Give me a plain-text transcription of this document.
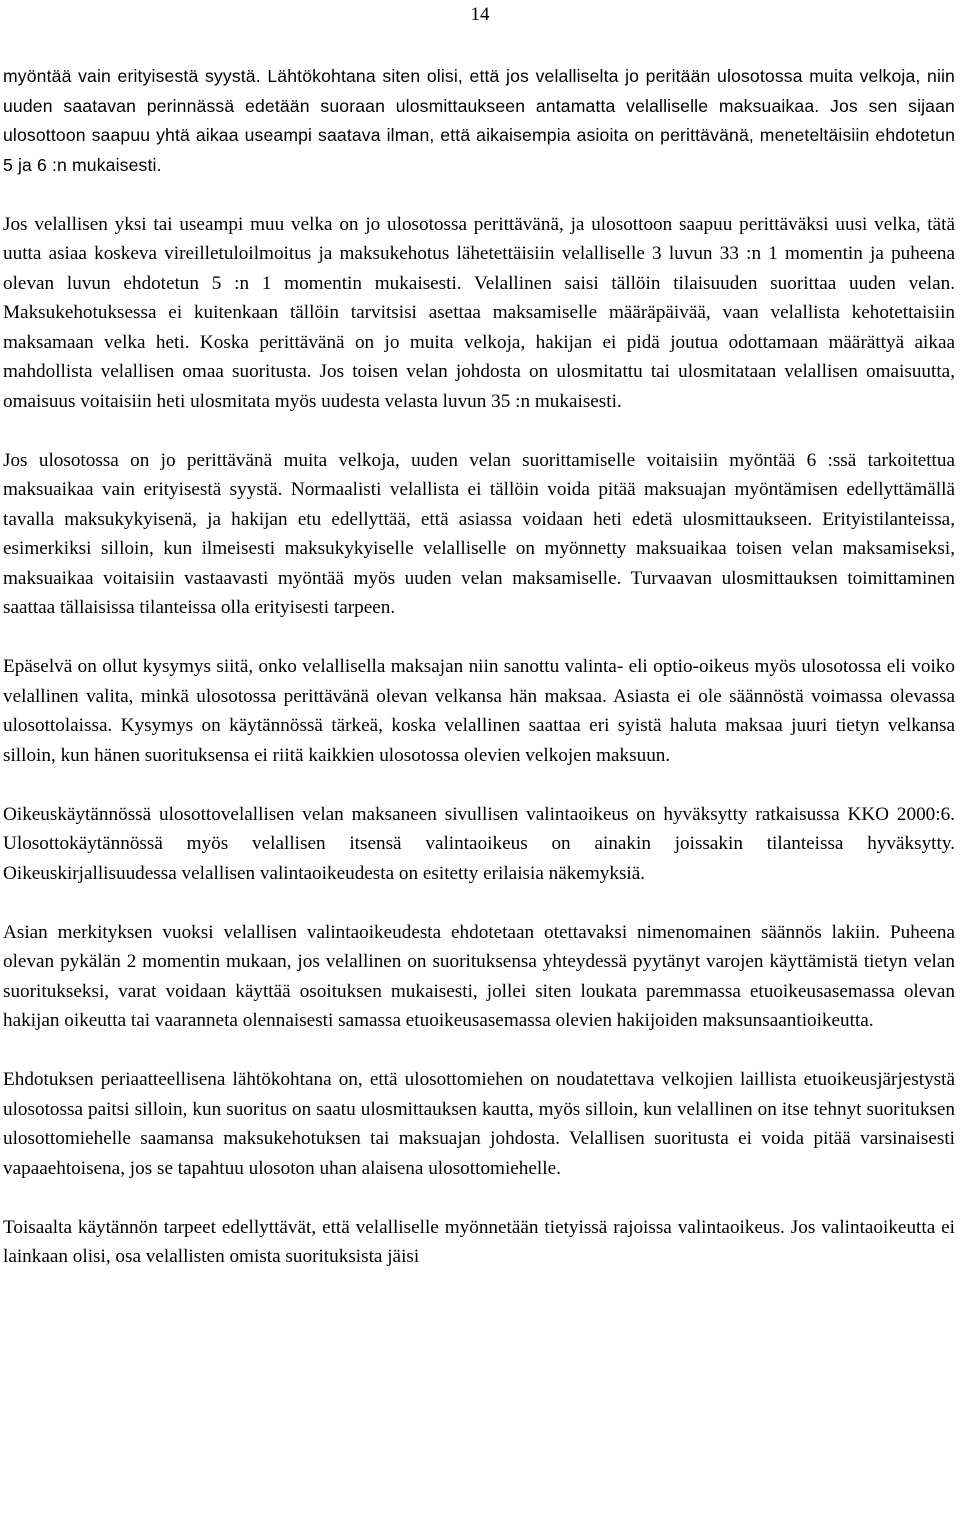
14

myöntää vain erityisestä syystä. Lähtökohtana siten olisi, että jos velalliselta jo peritään ulosotossa muita velkoja, niin uuden saatavan perinnässä edetään suoraan ulosmittaukseen antamatta velalliselle maksuaikaa. Jos sen sijaan ulosottoon saapuu yhtä aikaa useampi saatava ilman, että aikaisempia asioita on perittävänä, meneteltäisiin ehdotetun 5 ja 6 :n mukaisesti.

Jos velallisen yksi tai useampi muu velka on jo ulosotossa perittävänä, ja ulosottoon saapuu perittäväksi uusi velka, tätä uutta asiaa koskeva vireilletuloilmoitus ja maksukehotus lähetettäisiin velalliselle 3 luvun 33 :n 1 momentin ja puheena olevan luvun ehdotetun 5 :n 1 momentin mukaisesti. Velallinen saisi tällöin tilaisuuden suorittaa uuden velan. Maksukehotuksessa ei kuitenkaan tällöin tarvitsisi asettaa maksamiselle määräpäivää, vaan velallista kehotettaisiin maksamaan velka heti. Koska perittävänä on jo muita velkoja, hakijan ei pidä joutua odottamaan määrättyä aikaa mahdollista velallisen omaa suoritusta. Jos toisen velan johdosta on ulosmitattu tai ulosmitataan velallisen omaisuutta, omaisuus voitaisiin heti ulosmitata myös uudesta velasta luvun 35 :n mukaisesti.

Jos ulosotossa on jo perittävänä muita velkoja, uuden velan suorittamiselle voitaisiin myöntää 6 :ssä tarkoitettua maksuaikaa vain erityisestä syystä. Normaalisti velallista ei tällöin voida pitää maksuajan myöntämisen edellyttämällä tavalla maksukykyisenä, ja hakijan etu edellyttää, että asiassa voidaan heti edetä ulosmittaukseen. Erityistilanteissa, esimerkiksi silloin, kun ilmeisesti maksukykyiselle velalliselle on myönnetty maksuaikaa toisen velan maksamiseksi, maksuaikaa voitaisiin vastaavasti myöntää myös uuden velan maksamiselle. Turvaavan ulosmittauksen toimittaminen saattaa tällaisissa tilanteissa olla erityisesti tarpeen.

Epäselvä on ollut kysymys siitä, onko velallisella maksajan niin sanottu valinta- eli optio-oikeus myös ulosotossa eli voiko velallinen valita, minkä ulosotossa perittävänä olevan velkansa hän maksaa. Asiasta ei ole säännöstä voimassa olevassa ulosottolaissa. Kysymys on käytännössä tärkeä, koska velallinen saattaa eri syistä haluta maksaa juuri tietyn velkansa silloin, kun hänen suorituksensa ei riitä kaikkien ulosotossa olevien velkojen maksuun.

Oikeuskäytännössä ulosottovelallisen velan maksaneen sivullisen valintaoikeus on hyväksytty ratkaisussa KKO 2000:6. Ulosottokäytännössä myös velallisen itsensä valintaoikeus on ainakin joissakin tilanteissa hyväksytty. Oikeuskirjallisuudessa velallisen valintaoikeudesta on esitetty erilaisia näkemyksiä.

Asian merkityksen vuoksi velallisen valintaoikeudesta ehdotetaan otettavaksi nimenomainen säännös lakiin. Puheena olevan pykälän 2 momentin mukaan, jos velallinen on suorituksensa yhteydessä pyytänyt varojen käyttämistä tietyn velan suoritukseksi, varat voidaan käyttää osoituksen mukaisesti, jollei siten loukata paremmassa etuoikeusasemassa olevan hakijan oikeutta tai vaaranneta olennaisesti samassa etuoikeusasemassa olevien hakijoiden maksunsaantioikeutta.

Ehdotuksen periaatteellisena lähtökohtana on, että ulosottomiehen on noudatettava velkojien laillista etuoikeusjärjestystä ulosotossa paitsi silloin, kun suoritus on saatu ulosmittauksen kautta, myös silloin, kun velallinen on itse tehnyt suorituksen ulosottomiehelle saamansa maksukehotuksen tai maksuajan johdosta. Velallisen suoritusta ei voida pitää varsinaisesti vapaaehtoisena, jos se tapahtuu ulosoton uhan alaisena ulosottomiehelle.

Toisaalta käytännön tarpeet edellyttävät, että velalliselle myönnetään tietyissä rajoissa valintaoikeus. Jos valintaoikeutta ei lainkaan olisi, osa velallisten omista suorituksista jäisi
